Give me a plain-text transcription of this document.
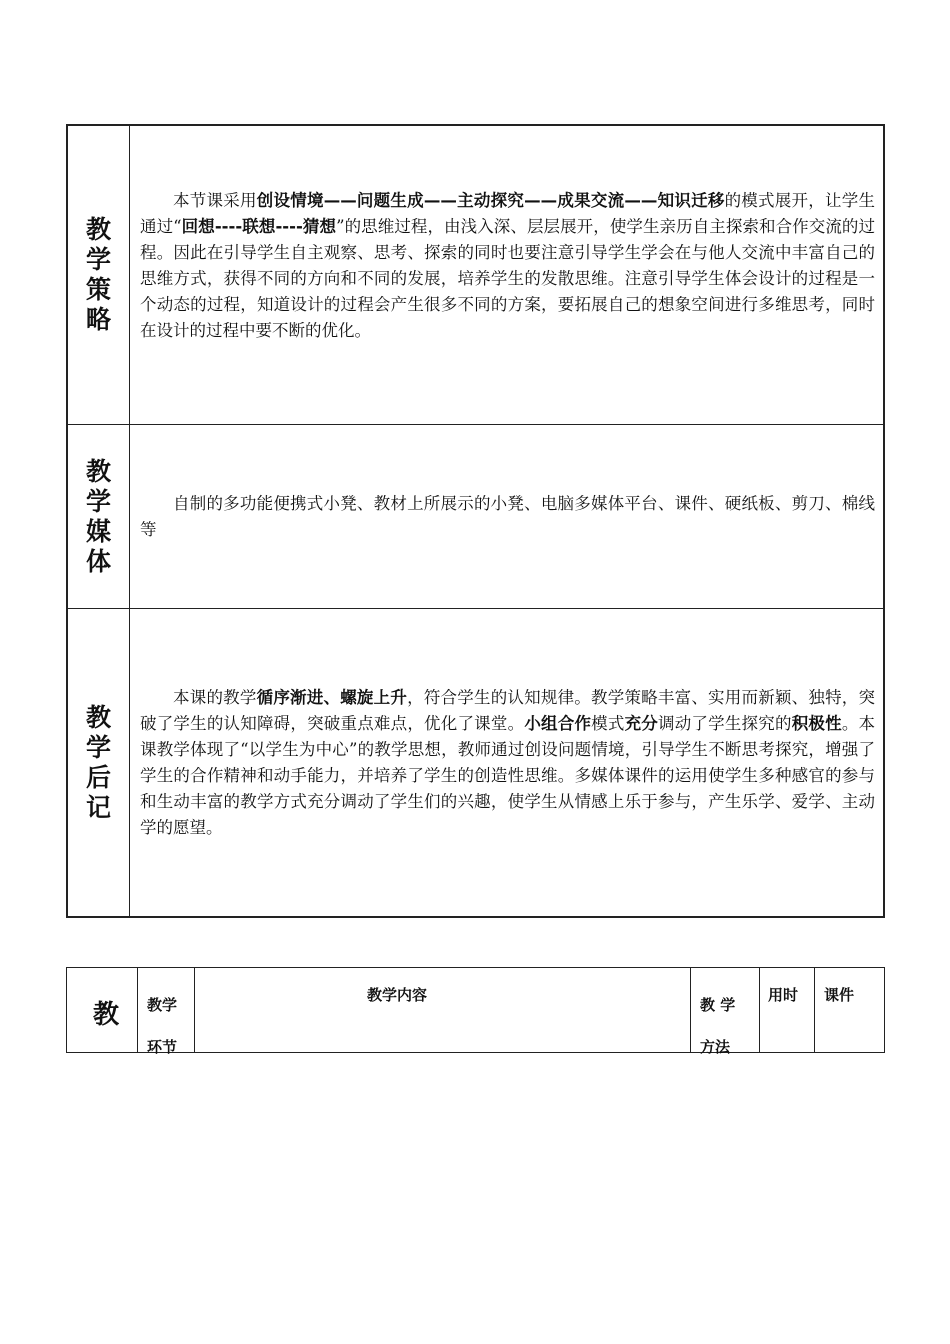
教
学
策
略

本节课采用创设情境——问题生成——主动探究——成果交流——知识迁移的模式展开，让学生通过“回想----联想----猜想”的思维过程，由浅入深、层层展开，使学生亲历自主探索和合作交流的过程。因此在引导学生自主观察、思考、探索的同时也要注意引导学生学会在与他人交流中丰富自己的思维方式，获得不同的方向和不同的发展，培养学生的发散思维。注意引导学生体会设计的过程是一个动态的过程，知道设计的过程会产生很多不同的方案，要拓展自己的想象空间进行多维思考，同时在设计的过程中要不断的优化。

教
学
媒
体

自制的多功能便携式小凳、教材上所展示的小凳、电脑多媒体平台、课件、硬纸板、剪刀、棉线等

教
学
后
记

本课的教学循序渐进、螺旋上升，符合学生的认知规律。教学策略丰富、实用而新颖、独特，突破了学生的认知障碍，突破重点难点，优化了课堂。小组合作模式充分调动了学生探究的积极性。本课教学体现了“以学生为中心”的教学思想，教师通过创设问题情境，引导学生不断思考探究，增强了学生的合作精神和动手能力，并培养了学生的创造性思维。多媒体课件的运用使学生多种感官的参与和生动丰富的教学方式充分调动了学生们的兴趣，使学生从情感上乐于参与，产生乐学、爱学、主动学的愿望。

教 教学
环节
教学内容
教 学
方法
用时 课件
